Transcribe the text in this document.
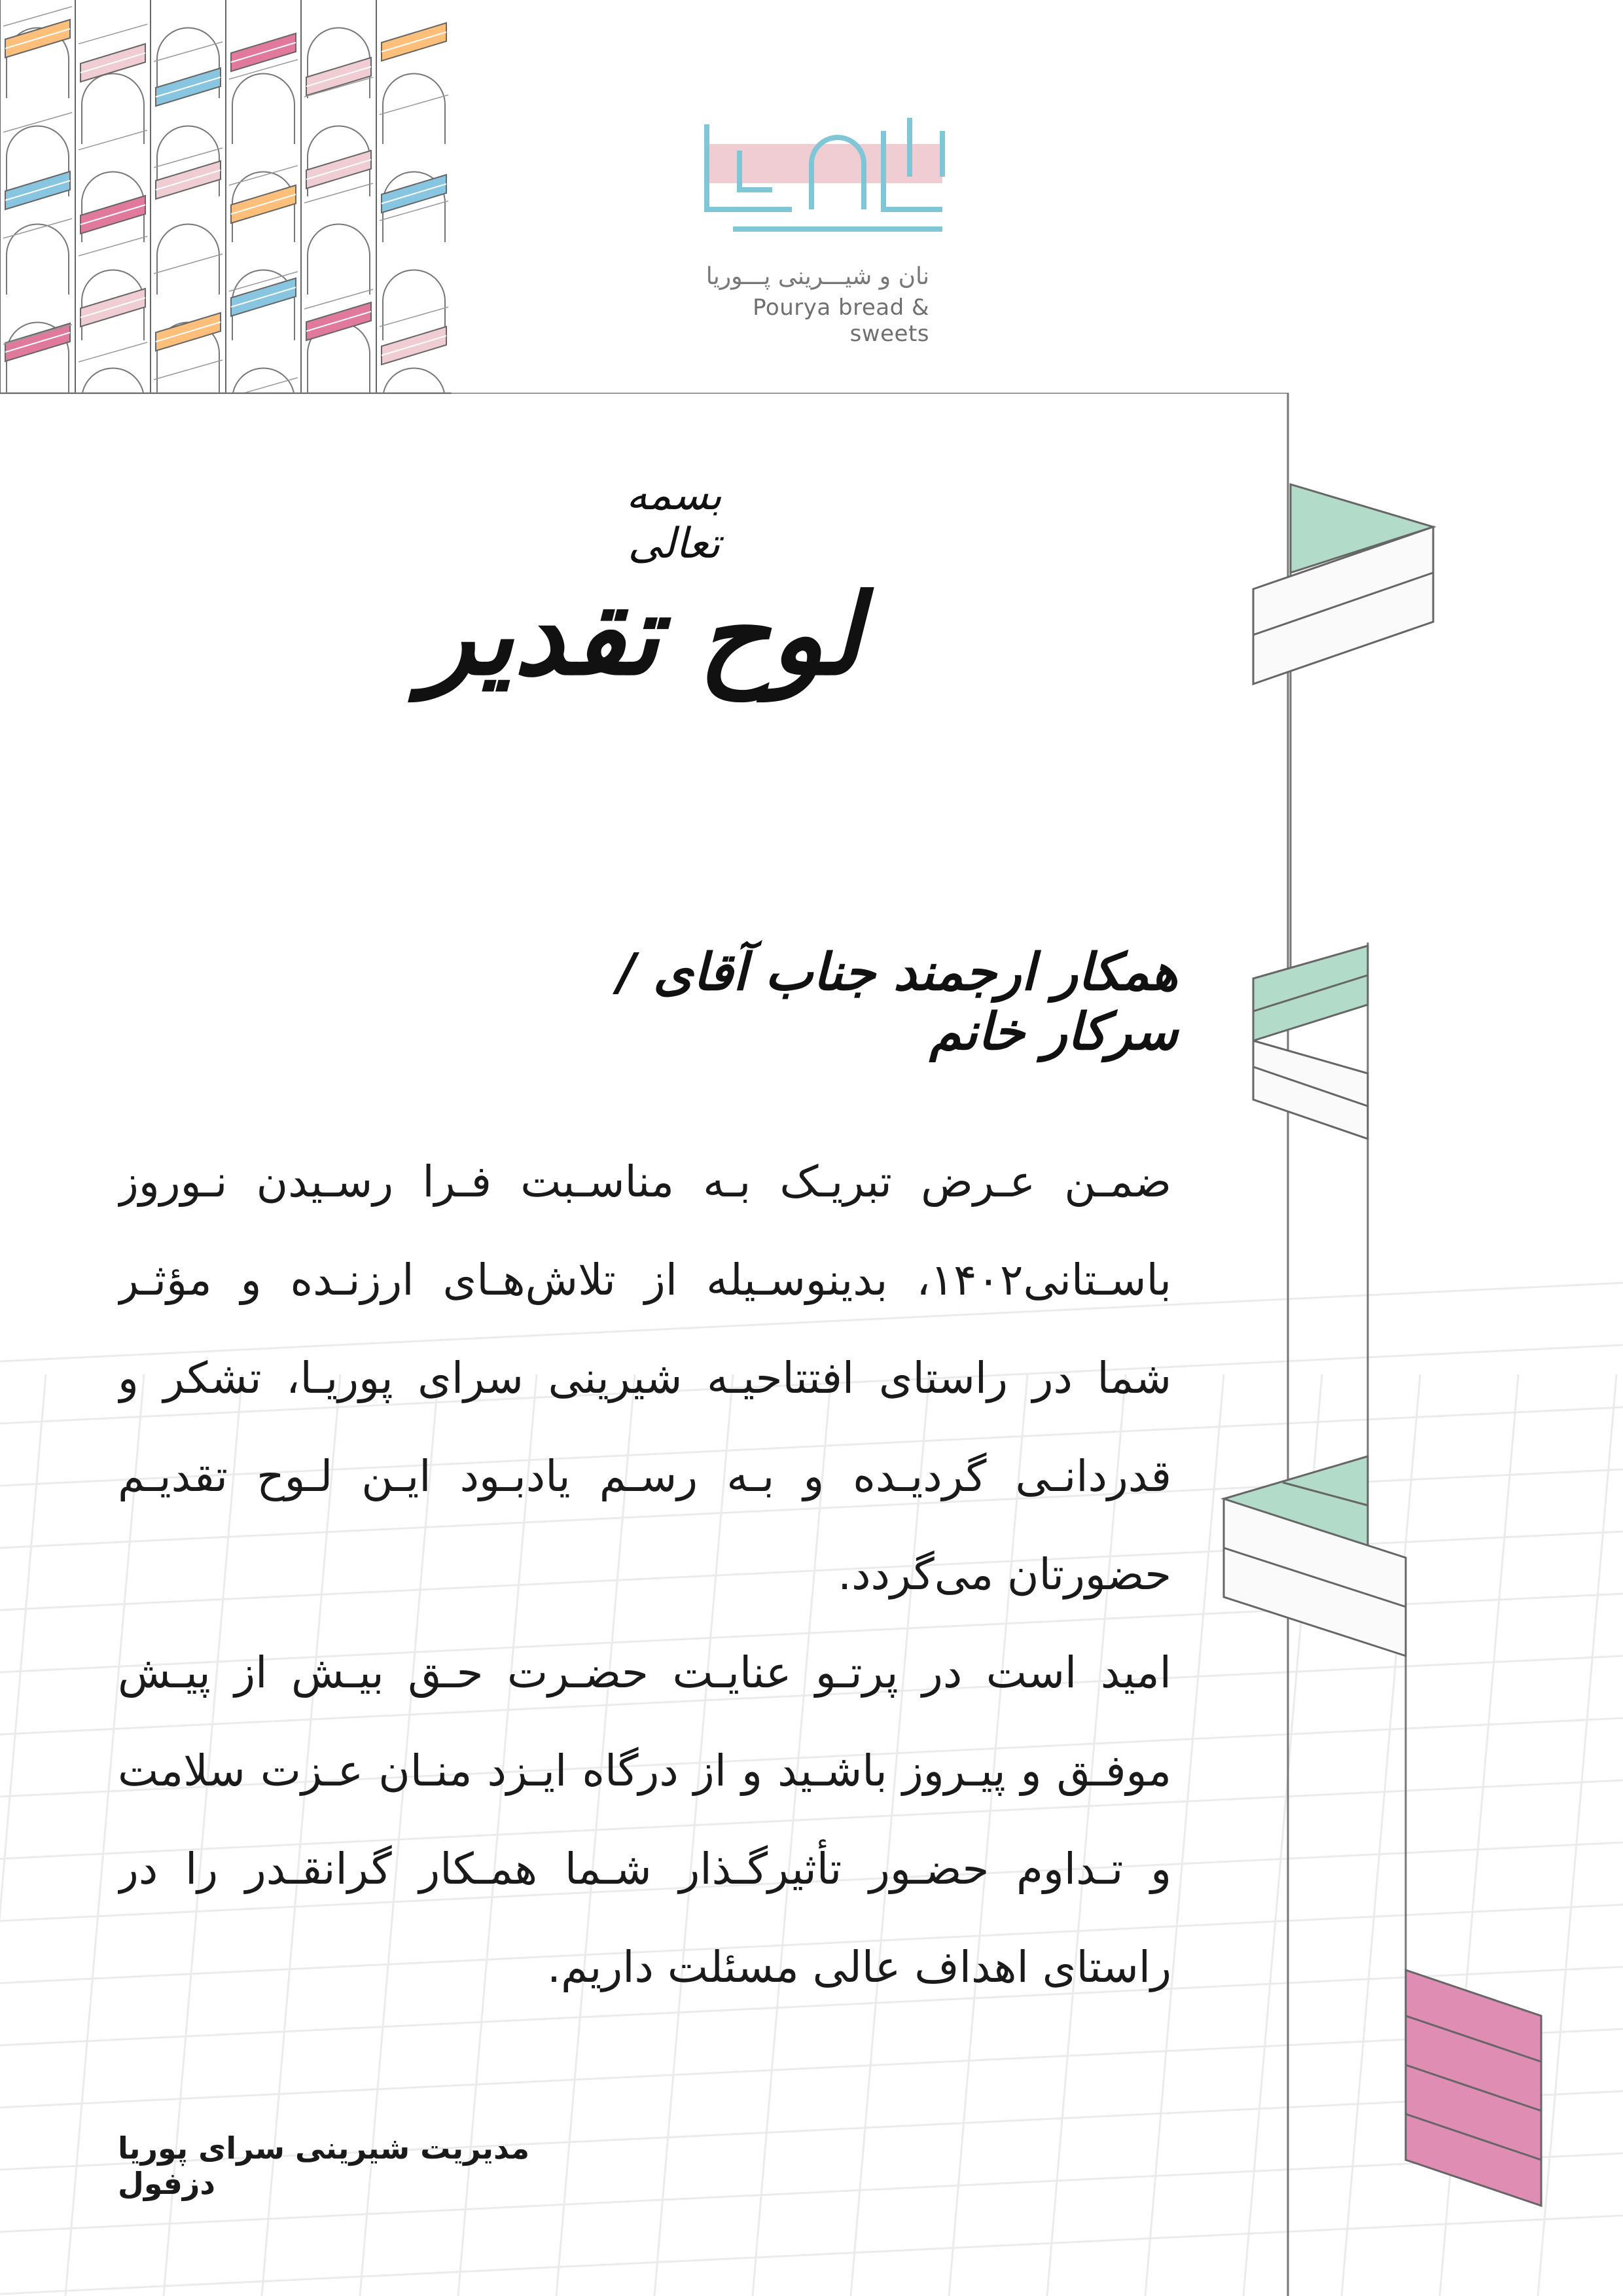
نان و شیـــرینی پـــوریا
Pourya bread & sweets
بسمه تعالی
لوح تقدیر
همکار ارجمند جناب آقای / سرکار خانم
ضمـن عـرض تبریـک بـه مناسـبت فـرا رسـیدن نـوروز
باسـتانی۱۴۰۲، بدینوسـیله از تلاش‌هـای ارزنـده و مؤثـر
شما در راستای افتتاحیـه شیرینی سرای پوریـا، تشکر و
قدردانـی گردیـده و بـه رسـم یادبـود ایـن لـوح تقدیـم
حضورتان می‌گردد.
امید است در پرتـو عنایـت حضـرت حـق بیـش از پیـش
موفـق و پیـروز باشـید و از درگاه ایـزد منـان عـزت سلامت
و تـداوم حضـور تأثیرگـذار شـما همـکار گرانقـدر را در
راستای اهداف عالی مسئلت داریم.
مدیریت شیرینی سرای پوریا دزفول
